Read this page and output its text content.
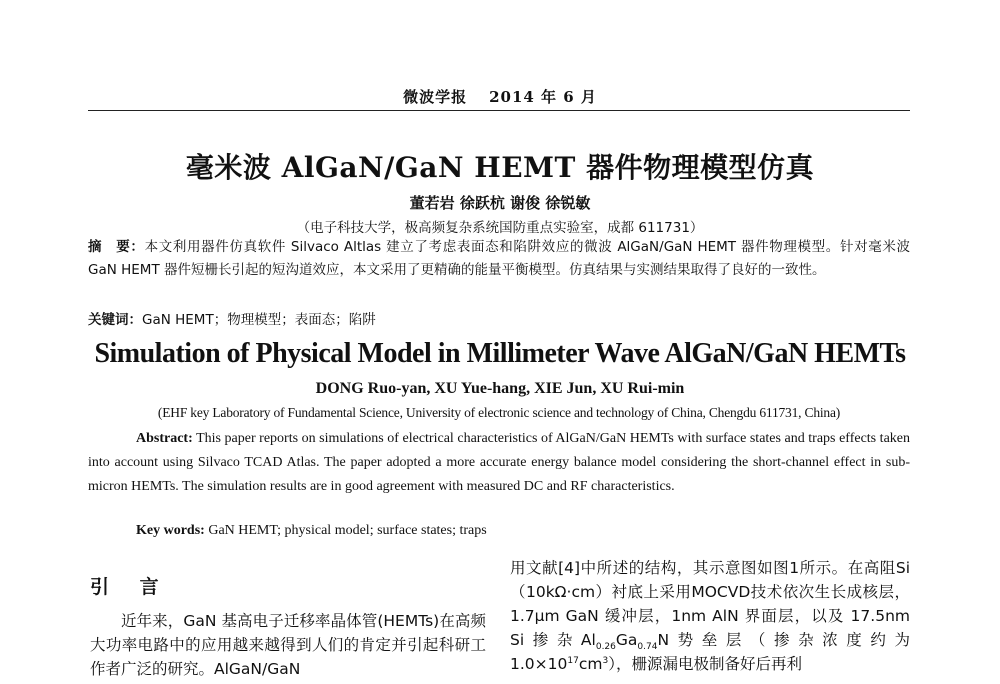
微波学报 2014 年 6 月
毫米波 AlGaN/GaN HEMT 器件物理模型仿真
董若岩 徐跃杭 谢俊 徐锐敏
（电子科技大学，极高频复杂系统国防重点实验室，成都 611731）
摘　要：本文利用器件仿真软件 Silvaco Altlas 建立了考虑表面态和陷阱效应的微波 AlGaN/GaN HEMT 器件物理模型。针对毫米波 GaN HEMT 器件短栅长引起的短沟道效应，本文采用了更精确的能量平衡模型。仿真结果与实测结果取得了良好的一致性。
关键词：GaN HEMT；物理模型；表面态；陷阱
Simulation of Physical Model in Millimeter Wave AlGaN/GaN HEMTs
DONG Ruo-yan, XU Yue-hang, XIE Jun, XU Rui-min
(EHF key Laboratory of Fundamental Science, University of electronic science and technology of China, Chengdu 611731, China)
Abstract: This paper reports on simulations of electrical characteristics of AlGaN/GaN HEMTs with surface states and traps effects taken into account using Silvaco TCAD Atlas. The paper adopted a more accurate energy balance model considering the short-channel effect in sub-micron HEMTs. The simulation results are in good agreement with measured DC and RF characteristics.
Key words: GaN HEMT; physical model; surface states; traps
引 言
近年来，GaN 基高电子迁移率晶体管(HEMTs)在高频大功率电路中的应用越来越得到人们的肯定并引起科研工作者广泛的研究。AlGaN/GaN
用文献[4]中所述的结构，其示意图如图1所示。在高阻Si（10kΩ·cm）衬底上采用MOCVD技术依次生长成核层，1.7μm GaN 缓冲层，1nm AlN 界面层，以及 17.5nm Si掺杂$Al_{0.26}Ga_{0.74}N$势垒层（掺杂浓度约为$1.0\times 10^{17}cm^3$），栅源漏电极制备好后再利
